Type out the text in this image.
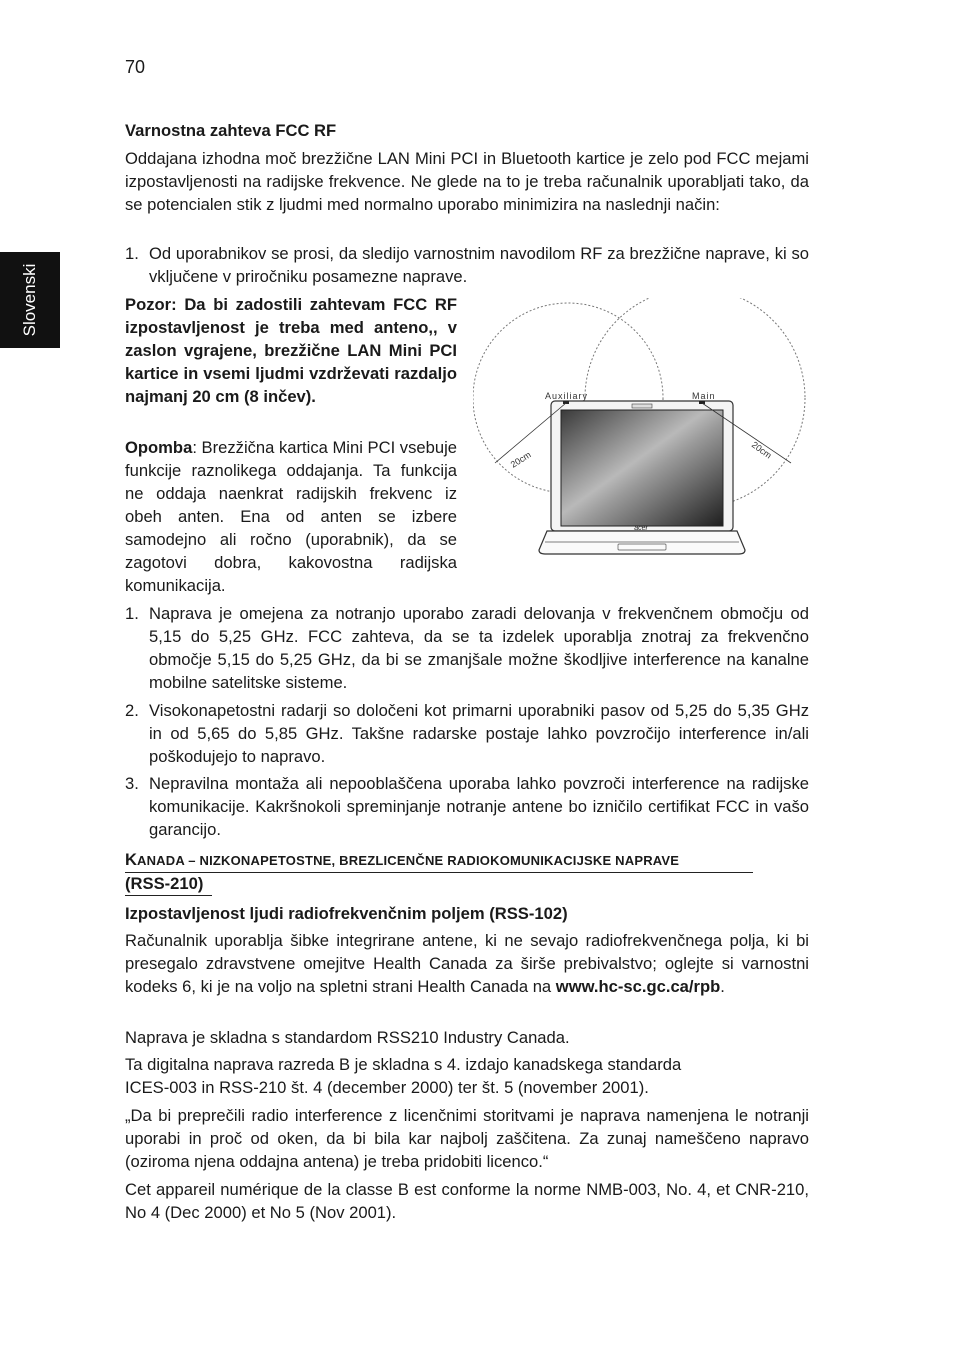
70
Slovenski

Varnostna zahteva FCC RF

Oddajana izhodna moč brezžične LAN Mini PCI in Bluetooth kartice je zelo pod FCC mejami izpostavljenosti na radijske frekvence. Ne glede na to je treba računalnik uporabljati tako, da se potencialen stik z ljudmi med normalno uporabo minimizira na naslednji način:

1. Od uporabnikov se prosi, da sledijo varnostnim navodilom RF za brezžične naprave, ki so vključene v priročniku posamezne naprave.

Pozor: Da bi zadostili zahtevam FCC RF izpostavljenost je treba med anteno,, v zaslon vgrajene, brezžične LAN Mini PCI kartice in vsemi ljudmi vzdrževati razdaljo najmanj 20 cm (8 inčev).

Opomba: Brezžična kartica Mini PCI vsebuje funkcije raznolikega oddajanja. Ta funkcija ne oddaja naenkrat radijskih frekvenc iz obeh anten. Ena od anten se izbere samodejno ali ročno (uporabnik), da se zagotovi dobra, kakovostna radijska komunikacija.

1. Naprava je omejena za notranjo uporabo zaradi delovanja v frekvenčnem območju od 5,15 do 5,25 GHz. FCC zahteva, da se ta izdelek uporablja znotraj za frekvenčno območje 5,15 do 5,25 GHz, da bi se zmanjšale možne škodljive interference na kanalne mobilne satelitske sisteme.
2. Visokonapetostni radarji so določeni kot primarni uporabniki pasov od 5,25 do 5,35 GHz in od 5,65 do 5,85 GHz. Takšne radarske postaje lahko povzročijo interference in/ali poškodujejo to napravo.
3. Nepravilna montaža ali nepooblaščena uporaba lahko povzroči interference na radijske komunikacije. Kakršnokoli spreminjanje notranje antene bo izničilo certifikat FCC in vašo garancijo.
KANADA – NIZKONAPETOSTNE, BREZLICENČNE RADIOKOMUNIKACIJSKE NAPRAVE

(RSS-210)

Izpostavljenost ljudi radiofrekvenčnim poljem (RSS-102)

Računalnik uporablja šibke integrirane antene, ki ne sevajo radiofrekvenčnega polja, ki bi presegalo zdravstvene omejitve Health Canada za širše prebivalstvo; oglejte si varnostni kodeks 6, ki je na voljo na spletni strani Health Canada na www.hc-sc.gc.ca/rpb.

Naprava je skladna s standardom RSS210 Industry Canada.

Ta digitalna naprava razreda B je skladna s 4. izdajo kanadskega standarda
ICES-003 in RSS-210 št. 4 (december 2000) ter št. 5 (november 2001).

„Da bi preprečili radio interference z licenčnimi storitvami je naprava namenjena le notranji uporabi in proč od oken, da bi bila kar najbolj zaščitena. Za zunaj nameščeno napravo (oziroma njena oddajna antena) je treba pridobiti licenco.“

Cet appareil numérique de la classe B est conforme la norme NMB-003, No. 4, et CNR-210, No 4 (Dec 2000) et No 5 (Nov 2001).

acer
Auxiliary	Main
20cm	20cm
